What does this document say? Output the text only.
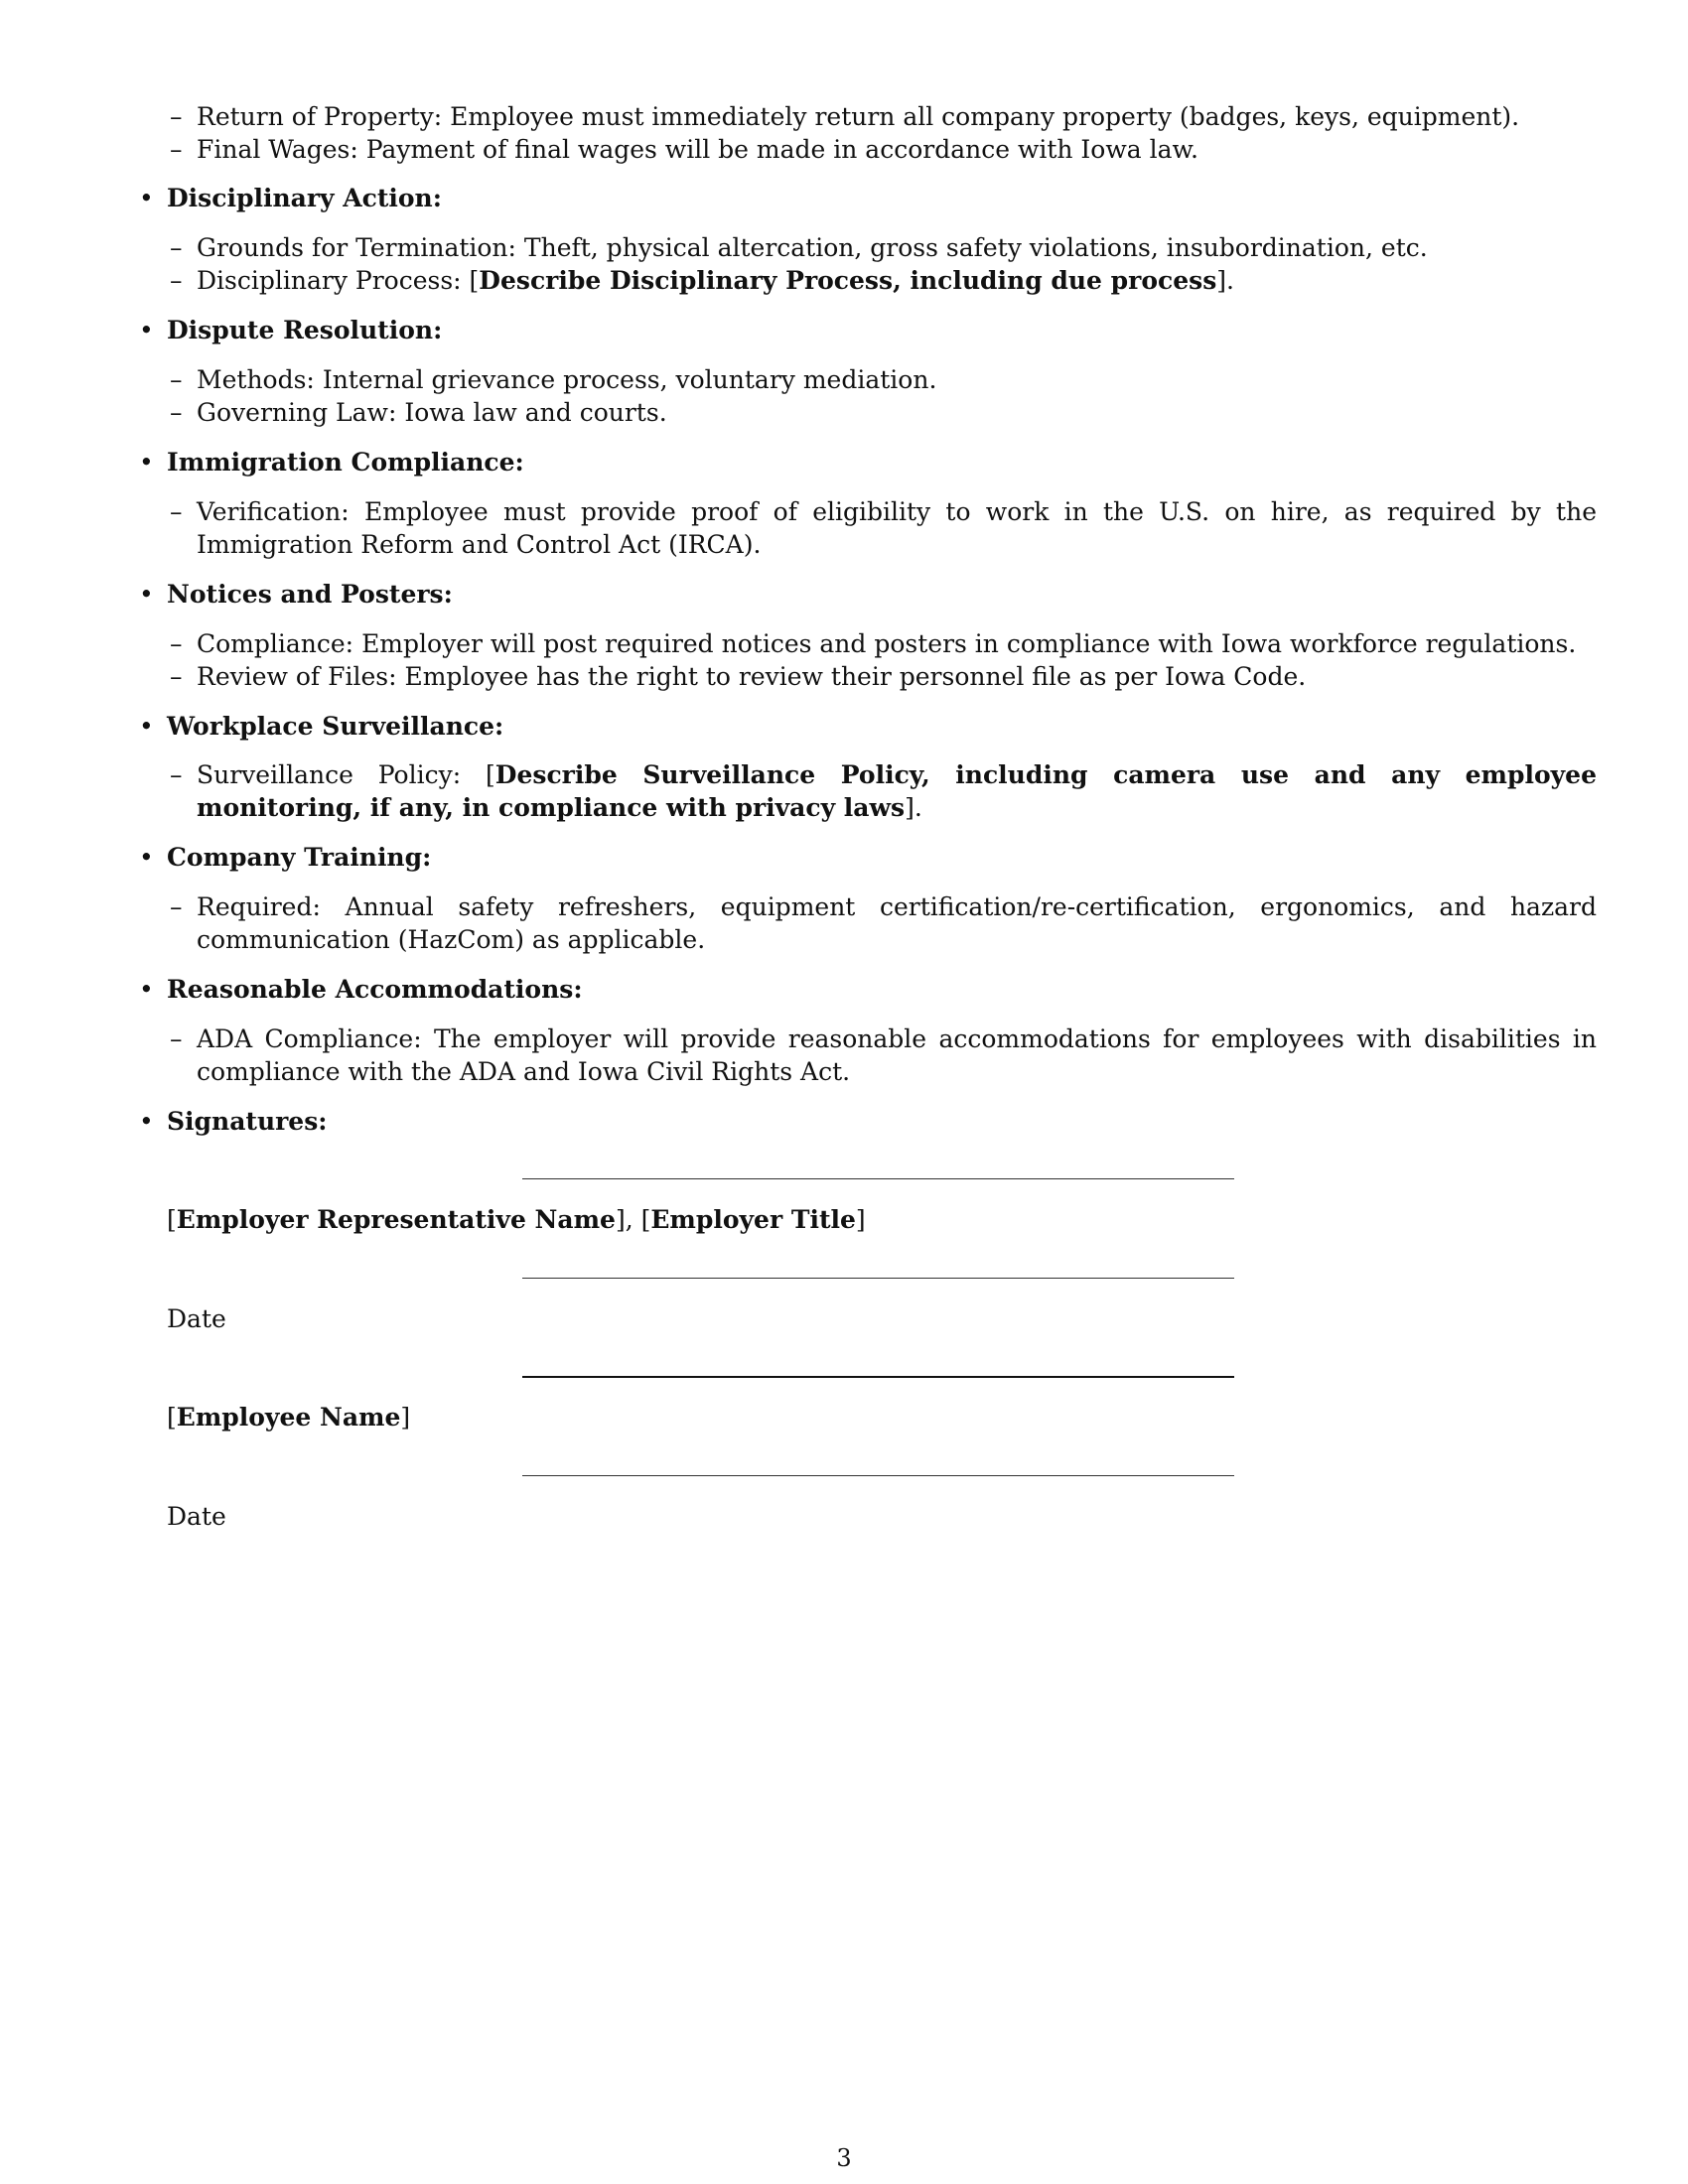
– Return of Property: Employee must immediately return all company property (badges, keys, equipment).
– Final Wages: Payment of final wages will be made in accordance with Iowa law.
• Disciplinary Action:
– Grounds for Termination: Theft, physical altercation, gross safety violations, insubordination, etc.
– Disciplinary Process: [Describe Disciplinary Process, including due process].
• Dispute Resolution:
– Methods: Internal grievance process, voluntary mediation.
– Governing Law: Iowa law and courts.
• Immigration Compliance:
– Verification: Employee must provide proof of eligibility to work in the U.S. on hire, as required by the Immigration Reform and Control Act (IRCA).
• Notices and Posters:
– Compliance: Employer will post required notices and posters in compliance with Iowa workforce regulations.
– Review of Files: Employee has the right to review their personnel file as per Iowa Code.
• Workplace Surveillance:
– Surveillance Policy: [Describe Surveillance Policy, including camera use and any employee monitoring, if any, in compliance with privacy laws].
• Company Training:
– Required: Annual safety refreshers, equipment certification/re-certification, ergonomics, and hazard communication (HazCom) as applicable.
• Reasonable Accommodations:
– ADA Compliance: The employer will provide reasonable accommodations for employees with disabilities in compliance with the ADA and Iowa Civil Rights Act.
• Signatures:
[Employer Representative Name], [Employer Title]
Date
[Employee Name]
Date
3
